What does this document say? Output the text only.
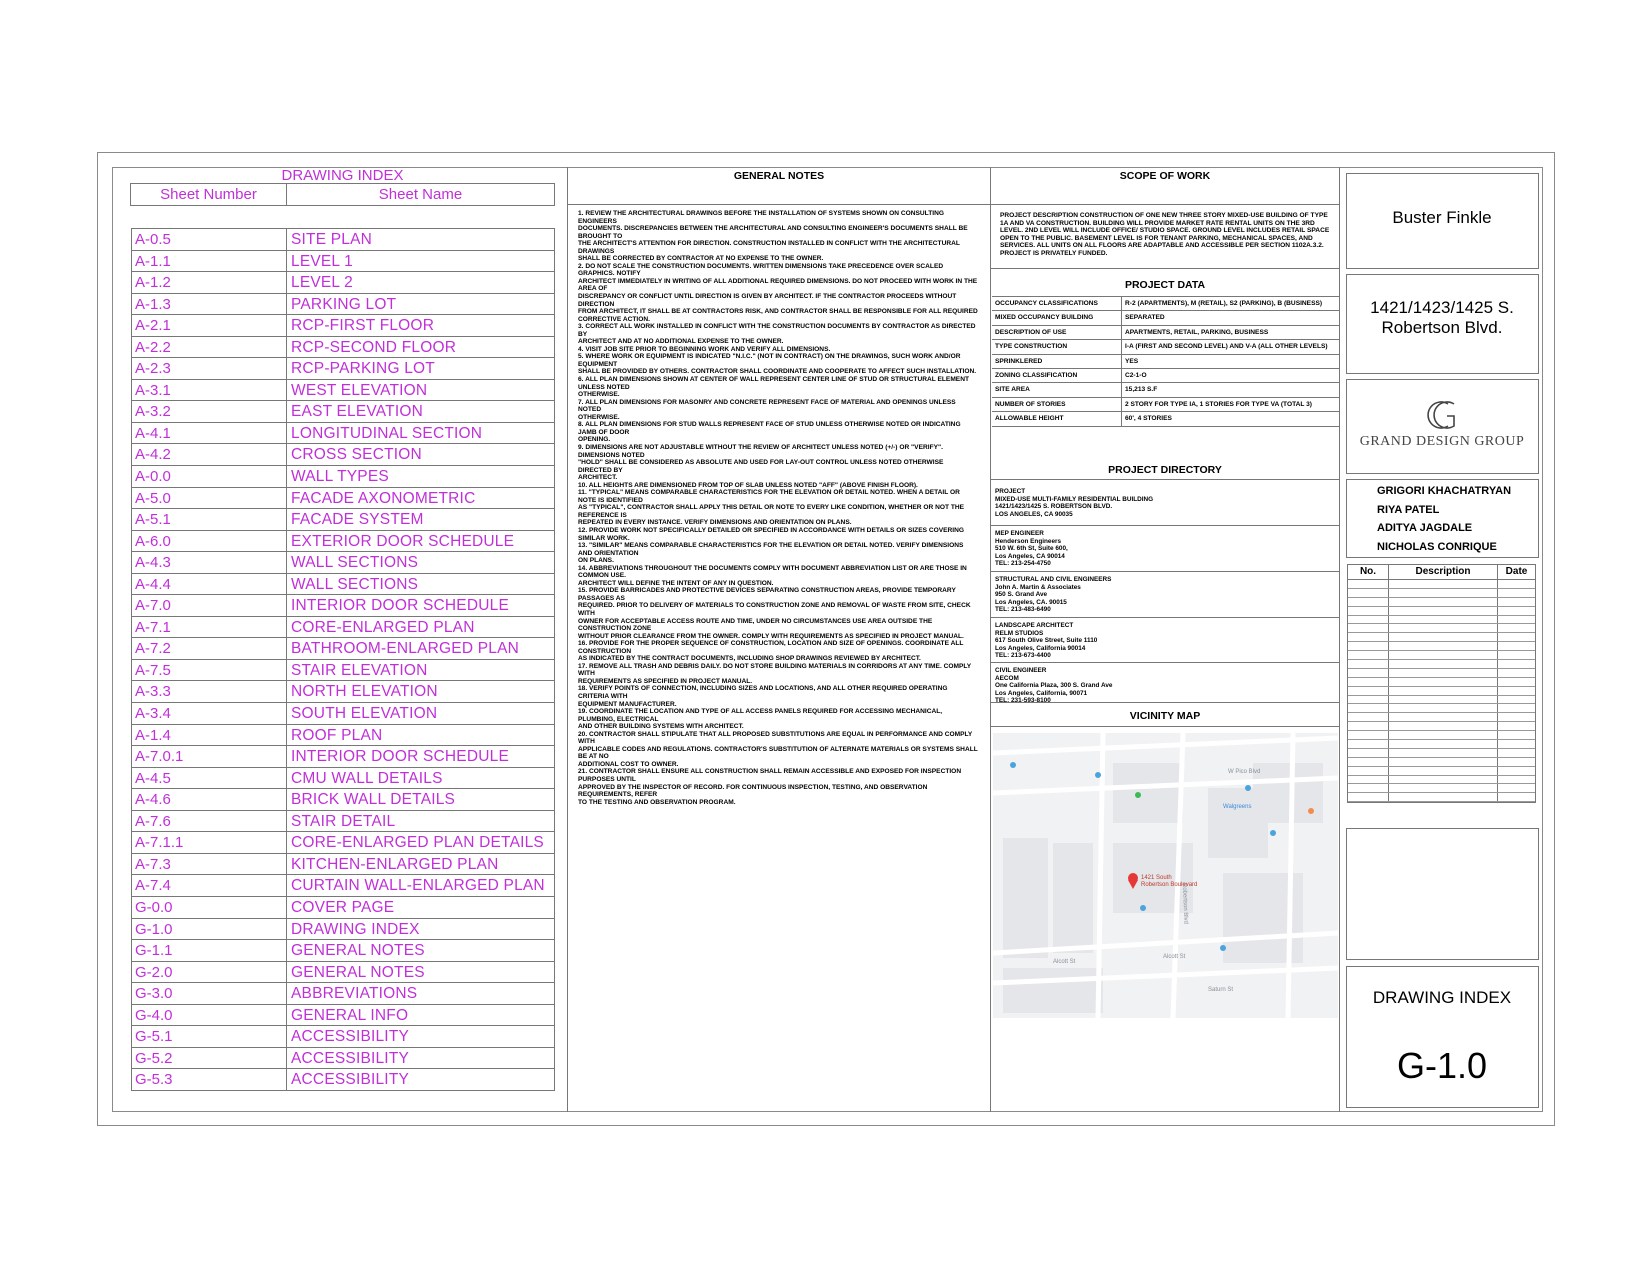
DRAWING INDEX
Sheet Number	Sheet Name
A-0.5	SITE PLAN
A-1.1	LEVEL 1
A-1.2	LEVEL 2
A-1.3	PARKING LOT
A-2.1	RCP-FIRST FLOOR
A-2.2	RCP-SECOND FLOOR
A-2.3	RCP-PARKING LOT
A-3.1	WEST ELEVATION
A-3.2	EAST ELEVATION
A-4.1	LONGITUDINAL SECTION
A-4.2	CROSS SECTION
A-0.0	WALL TYPES
A-5.0	FACADE AXONOMETRIC
A-5.1	FACADE SYSTEM
A-6.0	EXTERIOR DOOR SCHEDULE
A-4.3	WALL SECTIONS
A-4.4	WALL SECTIONS
A-7.0	INTERIOR DOOR SCHEDULE
A-7.1	CORE-ENLARGED PLAN
A-7.2	BATHROOM-ENLARGED PLAN
A-7.5	STAIR ELEVATION
A-3.3	NORTH ELEVATION
A-3.4	SOUTH ELEVATION
A-1.4	ROOF PLAN
A-7.0.1	INTERIOR DOOR SCHEDULE
A-4.5	CMU WALL DETAILS
A-4.6	BRICK WALL DETAILS
A-7.6	STAIR DETAIL
A-7.1.1	CORE-ENLARGED PLAN DETAILS
A-7.3	KITCHEN-ENLARGED PLAN
A-7.4	CURTAIN WALL-ENLARGED PLAN
G-0.0	COVER PAGE
G-1.0	DRAWING INDEX
G-1.1	GENERAL NOTES
G-2.0	GENERAL NOTES
G-3.0	ABBREVIATIONS
G-4.0	GENERAL INFO
G-5.1	ACCESSIBILITY
G-5.2	ACCESSIBILITY
G-5.3	ACCESSIBILITY
GENERAL NOTES

1. REVIEW THE ARCHITECTURAL DRAWINGS BEFORE THE INSTALLATION OF SYSTEMS SHOWN ON CONSULTING ENGINEERS

DOCUMENTS. DISCREPANCIES BETWEEN THE ARCHITECTURAL AND CONSULTING ENGINEER'S DOCUMENTS SHALL BE BROUGHT TO

THE ARCHITECT'S ATTENTION FOR DIRECTION. CONSTRUCTION INSTALLED IN CONFLICT WITH THE ARCHITECTURAL DRAWINGS

SHALL BE CORRECTED BY CONTRACTOR AT NO EXPENSE TO THE OWNER.

2. DO NOT SCALE THE CONSTRUCTION DOCUMENTS. WRITTEN DIMENSIONS TAKE PRECEDENCE OVER SCALED GRAPHICS. NOTIFY

ARCHITECT IMMEDIATELY IN WRITING OF ALL ADDITIONAL REQUIRED DIMENSIONS. DO NOT PROCEED WITH WORK IN THE AREA OF

DISCREPANCY OR CONFLICT UNTIL DIRECTION IS GIVEN BY ARCHITECT. IF THE CONTRACTOR PROCEEDS WITHOUT DIRECTION

FROM ARCHITECT, IT SHALL BE AT CONTRACTORS RISK, AND CONTRACTOR SHALL BE RESPONSIBLE FOR ALL REQUIRED

CORRECTIVE ACTION.

3. CORRECT ALL WORK INSTALLED IN CONFLICT WITH THE CONSTRUCTION DOCUMENTS BY CONTRACTOR AS DIRECTED BY

ARCHITECT AND AT NO ADDITIONAL EXPENSE TO THE OWNER.

4. VISIT JOB SITE PRIOR TO BEGINNING WORK AND VERIFY ALL DIMENSIONS.

5. WHERE WORK OR EQUIPMENT IS INDICATED "N.I.C." (NOT IN CONTRACT) ON THE DRAWINGS, SUCH WORK AND/OR EQUIPMENT

SHALL BE PROVIDED BY OTHERS. CONTRACTOR SHALL COORDINATE AND COOPERATE TO AFFECT SUCH INSTALLATION.

6. ALL PLAN DIMENSIONS SHOWN AT CENTER OF WALL REPRESENT CENTER LINE OF STUD OR STRUCTURAL ELEMENT UNLESS NOTED

OTHERWISE.

7. ALL PLAN DIMENSIONS FOR MASONRY AND CONCRETE REPRESENT FACE OF MATERIAL AND OPENINGS UNLESS NOTED

OTHERWISE.

8. ALL PLAN DIMENSIONS FOR STUD WALLS REPRESENT FACE OF STUD UNLESS OTHERWISE NOTED OR INDICATING JAMB OF DOOR

OPENING.

9. DIMENSIONS ARE NOT ADJUSTABLE WITHOUT THE REVIEW OF ARCHITECT UNLESS NOTED (+/-) OR "VERIFY". DIMENSIONS NOTED

"HOLD" SHALL BE CONSIDERED AS ABSOLUTE AND USED FOR LAY-OUT CONTROL UNLESS NOTED OTHERWISE DIRECTED BY

ARCHITECT.

10. ALL HEIGHTS ARE DIMENSIONED FROM TOP OF SLAB UNLESS NOTED "AFF" (ABOVE FINISH FLOOR).

11. "TYPICAL" MEANS COMPARABLE CHARACTERISTICS FOR THE ELEVATION OR DETAIL NOTED. WHEN A DETAIL OR NOTE IS IDENTIFIED

AS "TYPICAL", CONTRACTOR SHALL APPLY THIS DETAIL OR NOTE TO EVERY LIKE CONDITION, WHETHER OR NOT THE REFERENCE IS

REPEATED IN EVERY INSTANCE. VERIFY DIMENSIONS AND ORIENTATION ON PLANS.

12. PROVIDE WORK NOT SPECIFICALLY DETAILED OR SPECIFIED IN ACCORDANCE WITH DETAILS OR SIZES COVERING SIMILAR WORK.

13. "SIMILAR" MEANS COMPARABLE CHARACTERISTICS FOR THE ELEVATION OR DETAIL NOTED. VERIFY DIMENSIONS AND ORIENTATION

ON PLANS.

14. ABBREVIATIONS THROUGHOUT THE DOCUMENTS COMPLY WITH DOCUMENT ABBREVIATION LIST OR ARE THOSE IN COMMON USE.

ARCHITECT WILL DEFINE THE INTENT OF ANY IN QUESTION.

15. PROVIDE BARRICADES AND PROTECTIVE DEVICES SEPARATING CONSTRUCTION AREAS, PROVIDE TEMPORARY PASSAGES AS

REQUIRED. PRIOR TO DELIVERY OF MATERIALS TO CONSTRUCTION ZONE AND REMOVAL OF WASTE FROM SITE, CHECK WITH

OWNER FOR ACCEPTABLE ACCESS ROUTE AND TIME, UNDER NO CIRCUMSTANCES USE AREA OUTSIDE THE CONSTRUCTION ZONE

WITHOUT PRIOR CLEARANCE FROM THE OWNER. COMPLY WITH REQUIREMENTS AS SPECIFIED IN PROJECT MANUAL.

16. PROVIDE FOR THE PROPER SEQUENCE OF CONSTRUCTION, LOCATION AND SIZE OF OPENINGS. COORDINATE ALL CONSTRUCTION

AS INDICATED BY THE CONTRACT DOCUMENTS, INCLUDING SHOP DRAWINGS REVIEWED BY ARCHITECT.

17. REMOVE ALL TRASH AND DEBRIS DAILY. DO NOT STORE BUILDING MATERIALS IN CORRIDORS AT ANY TIME. COMPLY WITH

REQUIREMENTS AS SPECIFIED IN PROJECT MANUAL.

18. VERIFY POINTS OF CONNECTION, INCLUDING SIZES AND LOCATIONS, AND ALL OTHER REQUIRED OPERATING CRITERIA WITH

EQUIPMENT MANUFACTURER.

19. COORDINATE THE LOCATION AND TYPE OF ALL ACCESS PANELS REQUIRED FOR ACCESSING MECHANICAL, PLUMBING, ELECTRICAL

AND OTHER BUILDING SYSTEMS WITH ARCHITECT.

20. CONTRACTOR SHALL STIPULATE THAT ALL PROPOSED SUBSTITUTIONS ARE EQUAL IN PERFORMANCE AND COMPLY WITH

APPLICABLE CODES AND REGULATIONS. CONTRACTOR'S SUBSTITUTION OF ALTERNATE MATERIALS OR SYSTEMS SHALL BE AT NO

ADDITIONAL COST TO OWNER.

21. CONTRACTOR SHALL ENSURE ALL CONSTRUCTION SHALL REMAIN ACCESSIBLE AND EXPOSED FOR INSPECTION PURPOSES UNTIL

APPROVED BY THE INSPECTOR OF RECORD. FOR CONTINUOUS INSPECTION, TESTING, AND OBSERVATION REQUIREMENTS, REFER

TO THE TESTING AND OBSERVATION PROGRAM.

SCOPE OF WORK
PROJECT DESCRIPTION CONSTRUCTION OF ONE NEW THREE STORY MIXED-USE BUILDING OF TYPE 1A AND VA CONSTRUCTION. BUILDING WILL PROVIDE MARKET RATE RENTAL UNITS ON THE 3RD LEVEL. 2ND LEVEL WILL INCLUDE OFFICE/ STUDIO SPACE. GROUND LEVEL INCLUDES RETAIL SPACE OPEN TO THE PUBLIC. BASEMENT LEVEL IS FOR TENANT PARKING, MECHANICAL SPACES, AND SERVICES. ALL UNITS ON ALL FLOORS ARE ADAPTABLE AND ACCESSIBLE PER SECTION 1102A.3.2. PROJECT IS PRIVATELY FUNDED.
PROJECT DATA
OCCUPANCY CLASSIFICATIONS	R-2 (APARTMENTS), M (RETAIL), S2 (PARKING), B (BUSINESS)
MIXED OCCUPANCY BUILDING	SEPARATED
DESCRIPTION OF USE	APARTMENTS, RETAIL, PARKING, BUSINESS
TYPE CONSTRUCTION	I-A (FIRST AND SECOND LEVEL) AND V-A (ALL OTHER LEVELS)
SPRINKLERED	YES
ZONING CLASSIFICATION	C2-1-O
SITE AREA	15,213 S.F
NUMBER OF STORIES	2 STORY FOR TYPE IA, 1 STORIES FOR TYPE VA (TOTAL 3)
ALLOWABLE HEIGHT	60', 4 STORIES
PROJECT DIRECTORY
PROJECT
MIXED-USE MULTI-FAMILY RESIDENTIAL BUILDING
1421/1423/1425 S. ROBERTSON BLVD.
LOS ANGELES, CA 90035
MEP ENGINEER
Henderson Engineers
510 W. 6th St, Suite 600,
Los Angeles, CA 90014
TEL: 213-254-4750
STRUCTURAL AND CIVIL ENGINEERS
John A. Martin & Associates
950 S. Grand Ave
Los Angeles, CA. 90015
TEL: 213-483-6490
LANDSCAPE ARCHITECT
RELM STUDIOS
617 South Olive Street, Suite 1110
Los Angeles, California 90014
TEL: 213-673-4400
CIVIL ENGINEER
AECOM
One California Plaza, 300 S. Grand Ave
Los Angeles, California, 90071
TEL: 231-593-8100
VICINITY MAP
W Pico Blvd
Robertson Blvd
Alcott St
Alcott St
Saturn St
Walgreens
1421 South
Robertson Boulevard
Buster Finkle
1421/1423/1425 S. Robertson Blvd.
GRAND DESIGN GROUP
GRIGORI KHACHATRYAN
RIYA PATEL
ADITYA JAGDALE
NICHOLAS CONRIQUE
No.	Description	Date
DRAWING INDEX
G-1.0
